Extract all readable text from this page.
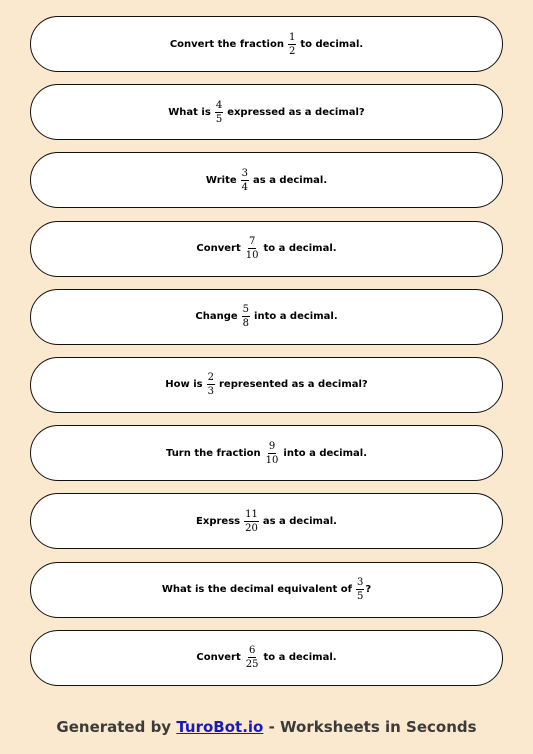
Convert the fraction $\frac{1}{2}$ to decimal.
What is $\frac{4}{5}$ expressed as a decimal?
Write $\frac{3}{4}$ as a decimal.
Convert $\frac{7}{10}$ to a decimal.
Change $\frac{5}{8}$ into a decimal.
How is $\frac{2}{3}$ represented as a decimal?
Turn the fraction $\frac{9}{10}$ into a decimal.
Express $\frac{11}{20}$ as a decimal.
What is the decimal equivalent of $\frac{3}{5}$ ?
Convert $\frac{6}{25}$ to a decimal.
Generated by TuroBot.io - Worksheets in Seconds
